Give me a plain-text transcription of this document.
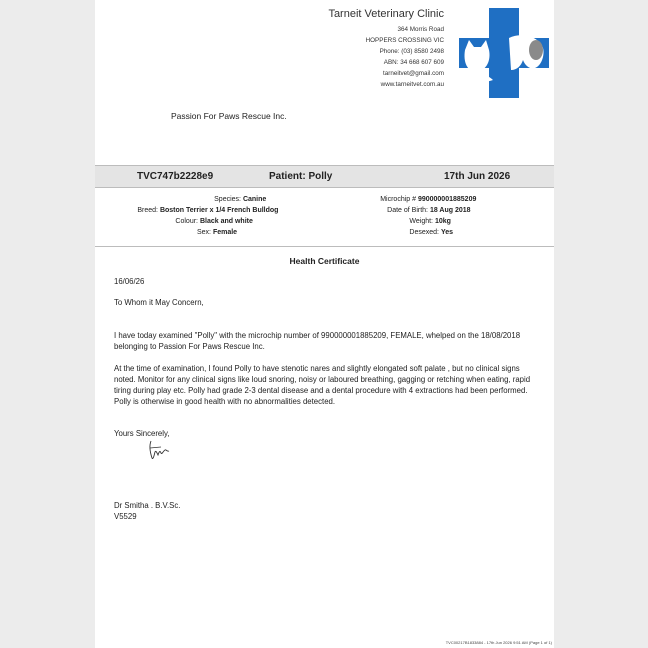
Tarneit Veterinary Clinic
364 Morris Road
HOPPERS CROSSING VIC
Phone: (03) 8580 2498
ABN: 34 668 607 609
tarneitvet@gmail.com
www.tarneitvet.com.au
Passion For Paws Rescue Inc.
TVC747b2228e9	Patient: Polly	17th Jun 2026
Species: Canine
Breed: Boston Terrier x 1/4 French Bulldog
Colour: Black and white
Sex: Female
Microchip # 990000001885209
Date of Birth: 18 Aug 2018
Weight: 10kg
Desexed: Yes
Health Certificate
16/06/26
To Whom it May Concern,
I have today examined "Polly" with the microchip number of 990000001885209, FEMALE, whelped on the 18/08/2018 belonging to Passion For Paws Rescue Inc.
At the time of examination, I found Polly to have stenotic nares and slightly elongated soft palate , but no clinical signs noted. Monitor for any clinical signs like loud snoring, noisy or laboured breathing, gagging or retching when eating, rapid tiring during play etc. Polly had grade 2-3 dental disease and a dental procedure with 4 extractions had been performed. Polly is otherwise in good health with no abnormalities detected.
Yours Sincerely,
Dr Smitha . B.V.Sc.
V5529
TVC00217B1833884 - 17th Jun 2026 9:51 AM (Page 1 of 1)
